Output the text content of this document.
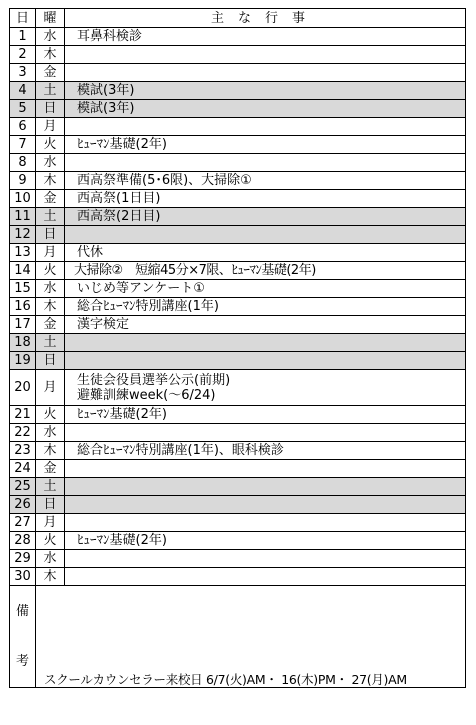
日	曜	主な行事
1	水	耳鼻科検診

2	木	
3	金	
4	土	模試(3年)

5	日	模試(3年)

6	月	
7	火	ﾋｭｰﾏﾝ基礎(2年)

8	水	
9	木	西高祭準備(5･6限)、大掃除①

10	金	西高祭(1日目)

11	土	西高祭(2日目)

12	日	
13	月	代休

14	火	大掃除②　短縮45分×7限、ﾋｭｰﾏﾝ基礎(2年)

15	水	いじめ等アンケート①

16	木	総合ﾋｭｰﾏﾝ特別講座(1年)

17	金	漢字検定

18	土	
19	日	
20	月	生徒会役員選挙公示(前期)
避難訓練week(～6/24)

21	火	ﾋｭｰﾏﾝ基礎(2年)

22	水	
23	木	総合ﾋｭｰﾏﾝ特別講座(1年)、眼科検診

24	金	
25	土	
26	日	
27	月	
28	火	ﾋｭｰﾏﾝ基礎(2年)

29	水	
30	木	

備
考	スクールカウンセラー来校日 6/7(火)AM・ 16(木)PM・ 27(月)AM	
